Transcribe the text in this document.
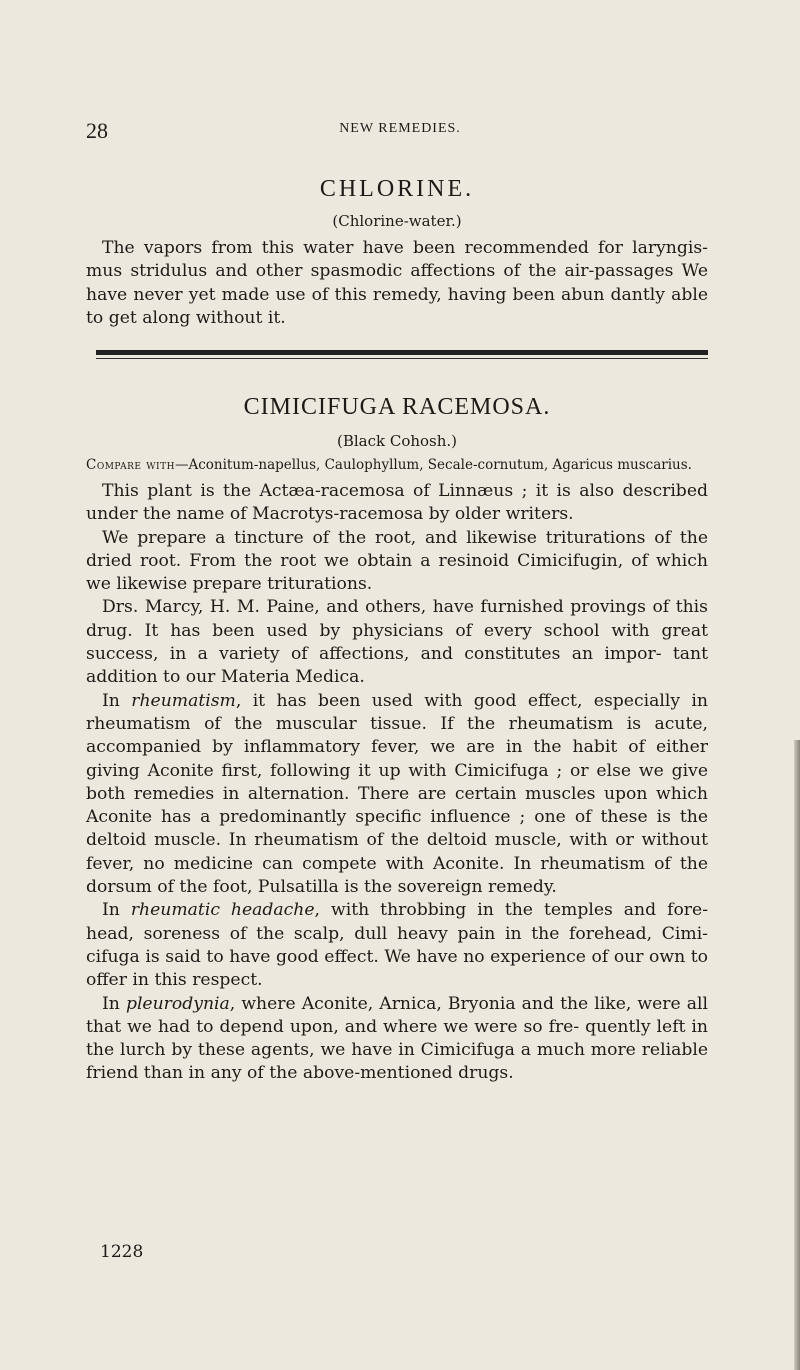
28	NEW REMEDIES.
CHLORINE.
(Chlorine-water.)

The vapors from this water have been recommended for laryngis- mus stridulus and other spasmodic affections of the air-passages We have never yet made use of this remedy, having been abun dantly able to get along without it.

CIMICIFUGA RACEMOSA.
(Black Cohosh.)
Compare with—Aconitum-napellus, Caulophyllum, Secale-cornutum, Agaricus muscarius.

This plant is the Actæa-racemosa of Linnæus ; it is also described under the name of Macrotys-racemosa by older writers.

We prepare a tincture of the root, and likewise triturations of the dried root. From the root we obtain a resinoid Cimicifugin, of which we likewise prepare triturations.

Drs. Marcy, H. M. Paine, and others, have furnished provings of this drug. It has been used by physicians of every school with great success, in a variety of affections, and constitutes an impor- tant addition to our Materia Medica.

In rheumatism, it has been used with good effect, especially in rheumatism of the muscular tissue. If the rheumatism is acute, accompanied by inflammatory fever, we are in the habit of either giving Aconite first, following it up with Cimicifuga ; or else we give both remedies in alternation. There are certain muscles upon which Aconite has a predominantly specific influence ; one of these is the deltoid muscle. In rheumatism of the deltoid muscle, with or without fever, no medicine can compete with Aconite. In rheumatism of the dorsum of the foot, Pulsatilla is the sovereign remedy.

In rheumatic headache, with throbbing in the temples and fore- head, soreness of the scalp, dull heavy pain in the forehead, Cimi- cifuga is said to have good effect. We have no experience of our own to offer in this respect.

In pleurodynia, where Aconite, Arnica, Bryonia and the like, were all that we had to depend upon, and where we were so fre- quently left in the lurch by these agents, we have in Cimicifuga a much more reliable friend than in any of the above-mentioned drugs.

1228
